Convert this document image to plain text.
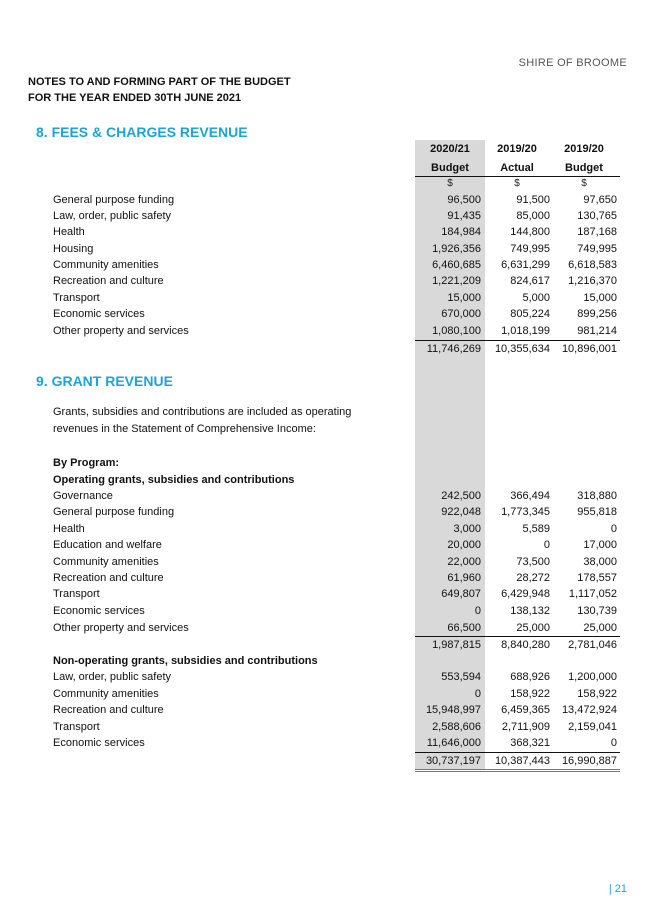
SHIRE OF BROOME
NOTES TO AND FORMING PART OF THE BUDGET
FOR THE YEAR ENDED 30TH JUNE 2021
8. FEES & CHARGES REVENUE
2020/21
Budget
2019/20
Actual
2019/20
Budget
$	$	$
General purpose funding	96,500	91,500	97,650
Law, order, public safety	91,435	85,000	130,765
Health	184,984	144,800	187,168
Housing	1,926,356	749,995	749,995
Community amenities	6,460,685	6,631,299	6,618,583
Recreation and culture	1,221,209	824,617	1,216,370
Transport	15,000	5,000	15,000
Economic services	670,000	805,224	899,256
Other property and services	1,080,100	1,018,199	981,214
11,746,269	10,355,634	10,896,001
9. GRANT REVENUE
Grants, subsidies and contributions are included as operating
revenues in the Statement of Comprehensive Income:
By Program:
Operating grants, subsidies and contributions
Governance	242,500	366,494	318,880
General purpose funding	922,048	1,773,345	955,818
Health	3,000	5,589	0
Education and welfare	20,000	0	17,000
Community amenities	22,000	73,500	38,000
Recreation and culture	61,960	28,272	178,557
Transport	649,807	6,429,948	1,117,052
Economic services	0	138,132	130,739
Other property and services	66,500	25,000	25,000
1,987,815	8,840,280	2,781,046
Non-operating grants, subsidies and contributions
Law, order, public safety	553,594	688,926	1,200,000
Community amenities	0	158,922	158,922
Recreation and culture	15,948,997	6,459,365	13,472,924
Transport	2,588,606	2,711,909	2,159,041
Economic services	11,646,000	368,321	0
30,737,197	10,387,443	16,990,887
| 21
